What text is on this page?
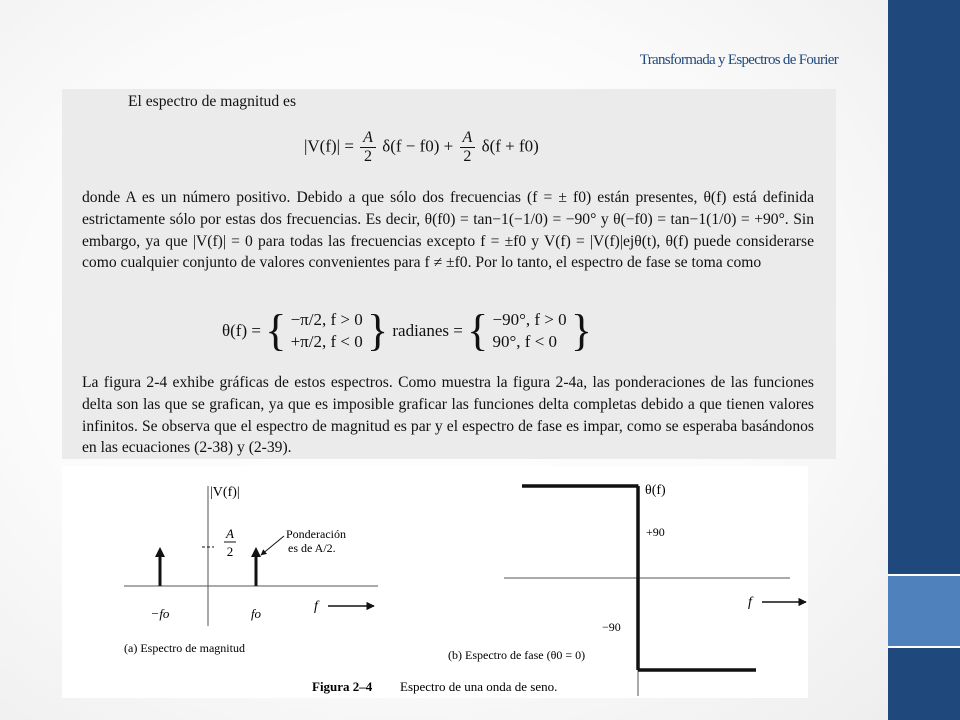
Transformada y Espectros de Fourier

El espectro de magnitud es

$|V(f)| = \frac{A}{2} \delta(f - f0) + \frac{A}{2} \delta(f + f0)$

donde A es un número positivo. Debido a que sólo dos frecuencias (f = ± f0) están presentes, θ(f) está definida estrictamente sólo por estas dos frecuencias. Es decir, θ(f0) = tan−1(−1/0) = −90° y θ(−f0) = tan−1(1/0) = +90°. Sin embargo, ya que |V(f)| = 0 para todas las frecuencias excepto f = ±f0 y V(f) = |V(f)|ejθ(t), θ(f) puede considerarse como cualquier conjunto de valores convenientes para f ≠ ±f0. Por lo tanto, el espectro de fase se toma como

θ(f) = { −π/2, f > 0
+π/2, f < 0 } radianes = { −90°, f > 0
90°, f < 0 }

La figura 2-4 exhibe gráficas de estos espectros. Como muestra la figura 2-4a, las ponderaciones de las funciones delta son las que se grafican, ya que es imposible graficar las funciones delta completas debido a que tienen valores infinitos. Se observa que el espectro de magnitud es par y el espectro de fase es impar, como se esperaba basándonos en las ecuaciones (2-38) y (2-39).

|V(f)|
A
2
Ponderación
es de A/2.
f
−fo	fo
(a) Espectro de magnitud
θ(f)
+90
−90
f
(b) Espectro de fase (θ0 = 0)
Figura 2–4 Espectro de una onda de seno.
